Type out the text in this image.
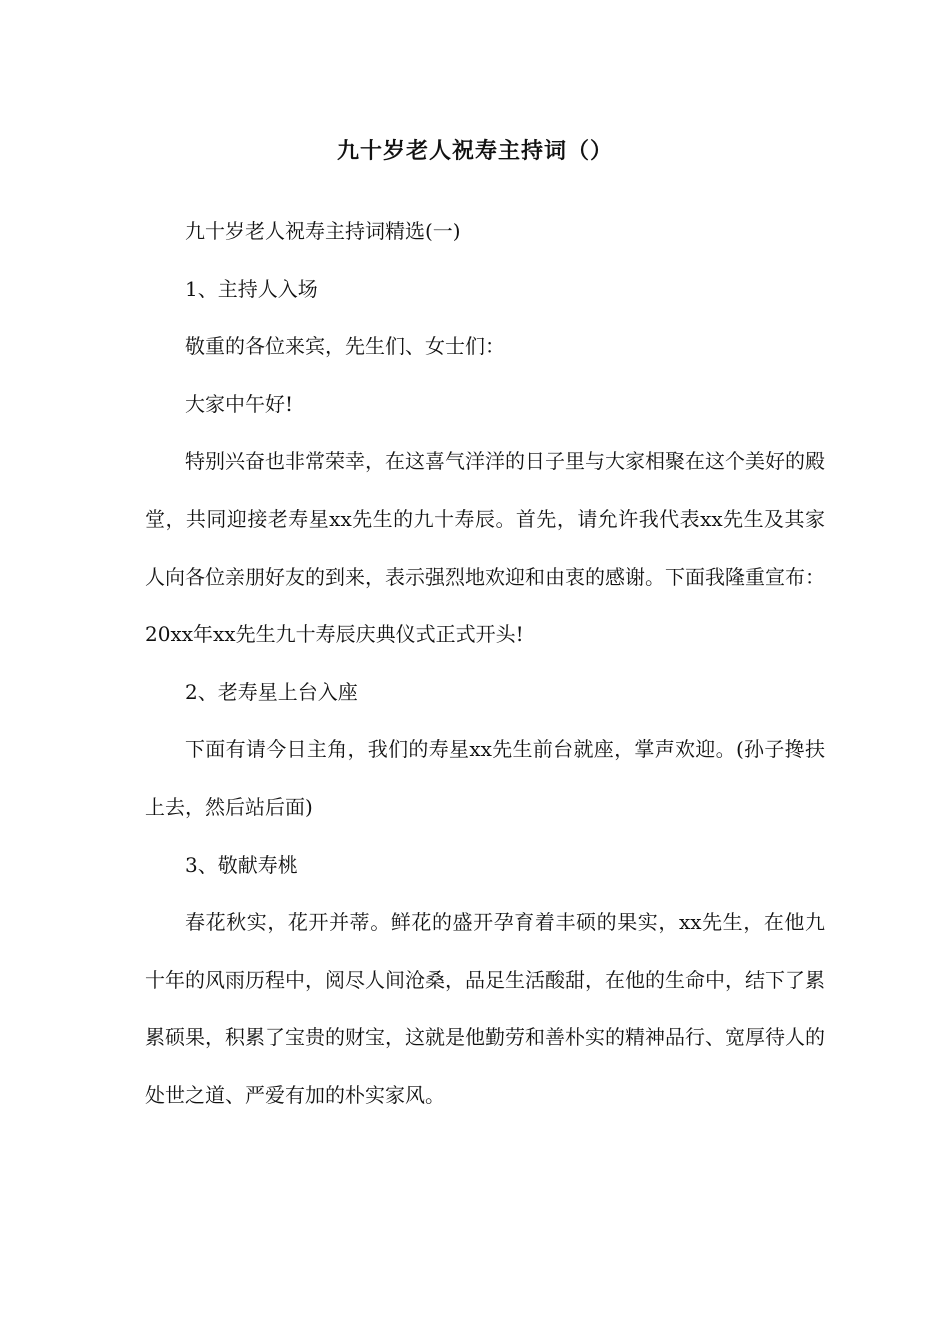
九十岁老人祝寿主持词（）

九十岁老人祝寿主持词精选(一)

1、主持人入场

敬重的各位来宾，先生们、女士们：

大家中午好!

特别兴奋也非常荣幸，在这喜气洋洋的日子里与大家相聚在这个美好的殿堂，共同迎接老寿星xx先生的九十寿辰。首先，请允许我代表xx先生及其家人向各位亲朋好友的到来，表示强烈地欢迎和由衷的感谢。下面我隆重宣布：20xx年xx先生九十寿辰庆典仪式正式开头!

2、老寿星上台入座

下面有请今日主角，我们的寿星xx先生前台就座，掌声欢迎。(孙子搀扶上去，然后站后面)

3、敬献寿桃

春花秋实，花开并蒂。鲜花的盛开孕育着丰硕的果实，xx先生，在他九十年的风雨历程中，阅尽人间沧桑，品足生活酸甜，在他的生命中，结下了累累硕果，积累了宝贵的财宝，这就是他勤劳和善朴实的精神品行、宽厚待人的处世之道、严爱有加的朴实家风。
